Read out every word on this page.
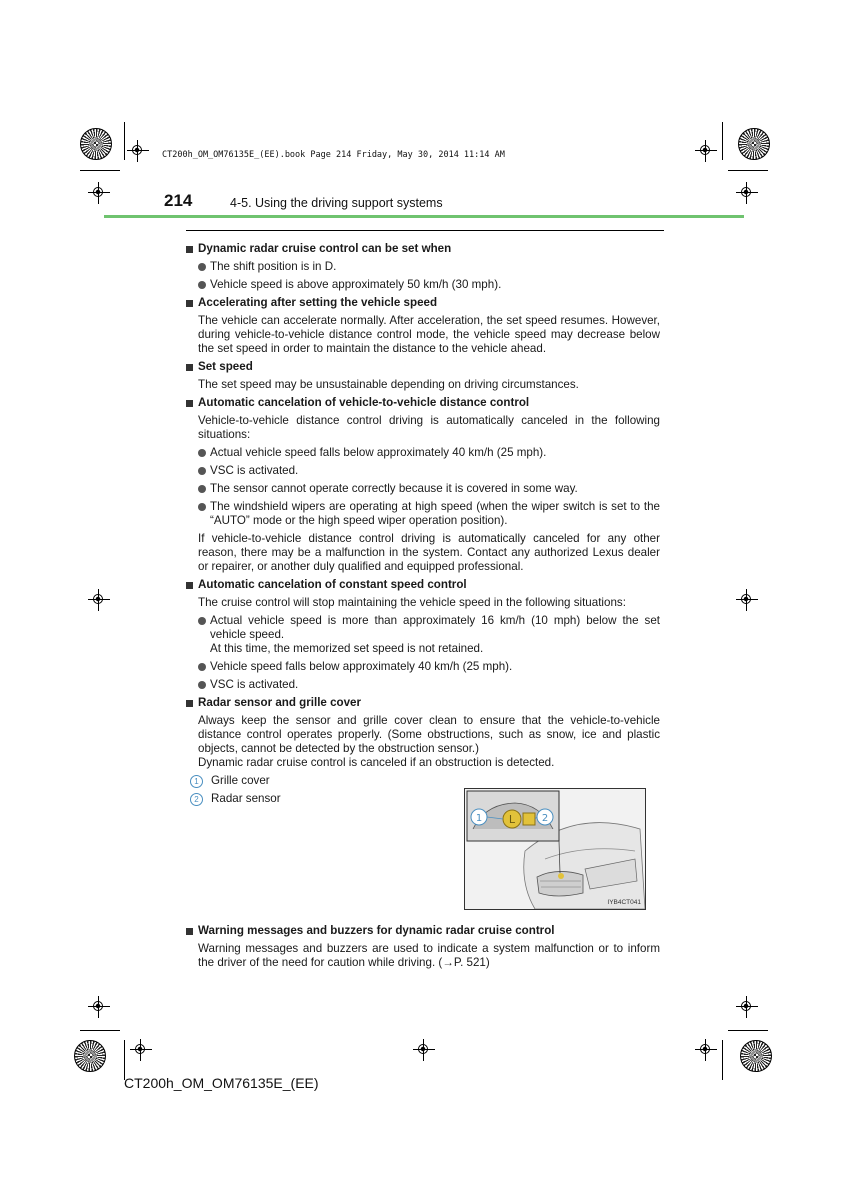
CT200h_OM_OM76135E_(EE).book Page 214 Friday, May 30, 2014 11:14 AM
214	4-5. Using the driving support systems
Dynamic radar cruise control can be set when
The shift position is in D.
Vehicle speed is above approximately 50 km/h (30 mph).
Accelerating after setting the vehicle speed
The vehicle can accelerate normally. After acceleration, the set speed resumes. However, during vehicle-to-vehicle distance control mode, the vehicle speed may decrease below the set speed in order to maintain the distance to the vehicle ahead.
Set speed
The set speed may be unsustainable depending on driving circumstances.
Automatic cancelation of vehicle-to-vehicle distance control
Vehicle-to-vehicle distance control driving is automatically canceled in the following situations:
Actual vehicle speed falls below approximately 40 km/h (25 mph).
VSC is activated.
The sensor cannot operate correctly because it is covered in some way.
The windshield wipers are operating at high speed (when the wiper switch is set to the “AUTO” mode or the high speed wiper operation position).
If vehicle-to-vehicle distance control driving is automatically canceled for any other reason, there may be a malfunction in the system. Contact any authorized Lexus dealer or repairer, or another duly qualified and equipped professional.
Automatic cancelation of constant speed control
The cruise control will stop maintaining the vehicle speed in the following situations:
Actual vehicle speed is more than approximately 16 km/h (10 mph) below the set vehicle speed.
At this time, the memorized set speed is not retained.
Vehicle speed falls below approximately 40 km/h (25 mph).
VSC is activated.
Radar sensor and grille cover
Always keep the sensor and grille cover clean to ensure that the vehicle-to-vehicle distance control operates properly. (Some obstructions, such as snow, ice and plastic objects, cannot be detected by the obstruction sensor.)
Dynamic radar cruise control is canceled if an obstruction is detected.
1	Grille cover
2	Radar sensor
L
1	2
IYB4CT041
Warning messages and buzzers for dynamic radar cruise control
Warning messages and buzzers are used to indicate a system malfunction or to inform the driver of the need for caution while driving. (→P. 521)
CT200h_OM_OM76135E_(EE)
